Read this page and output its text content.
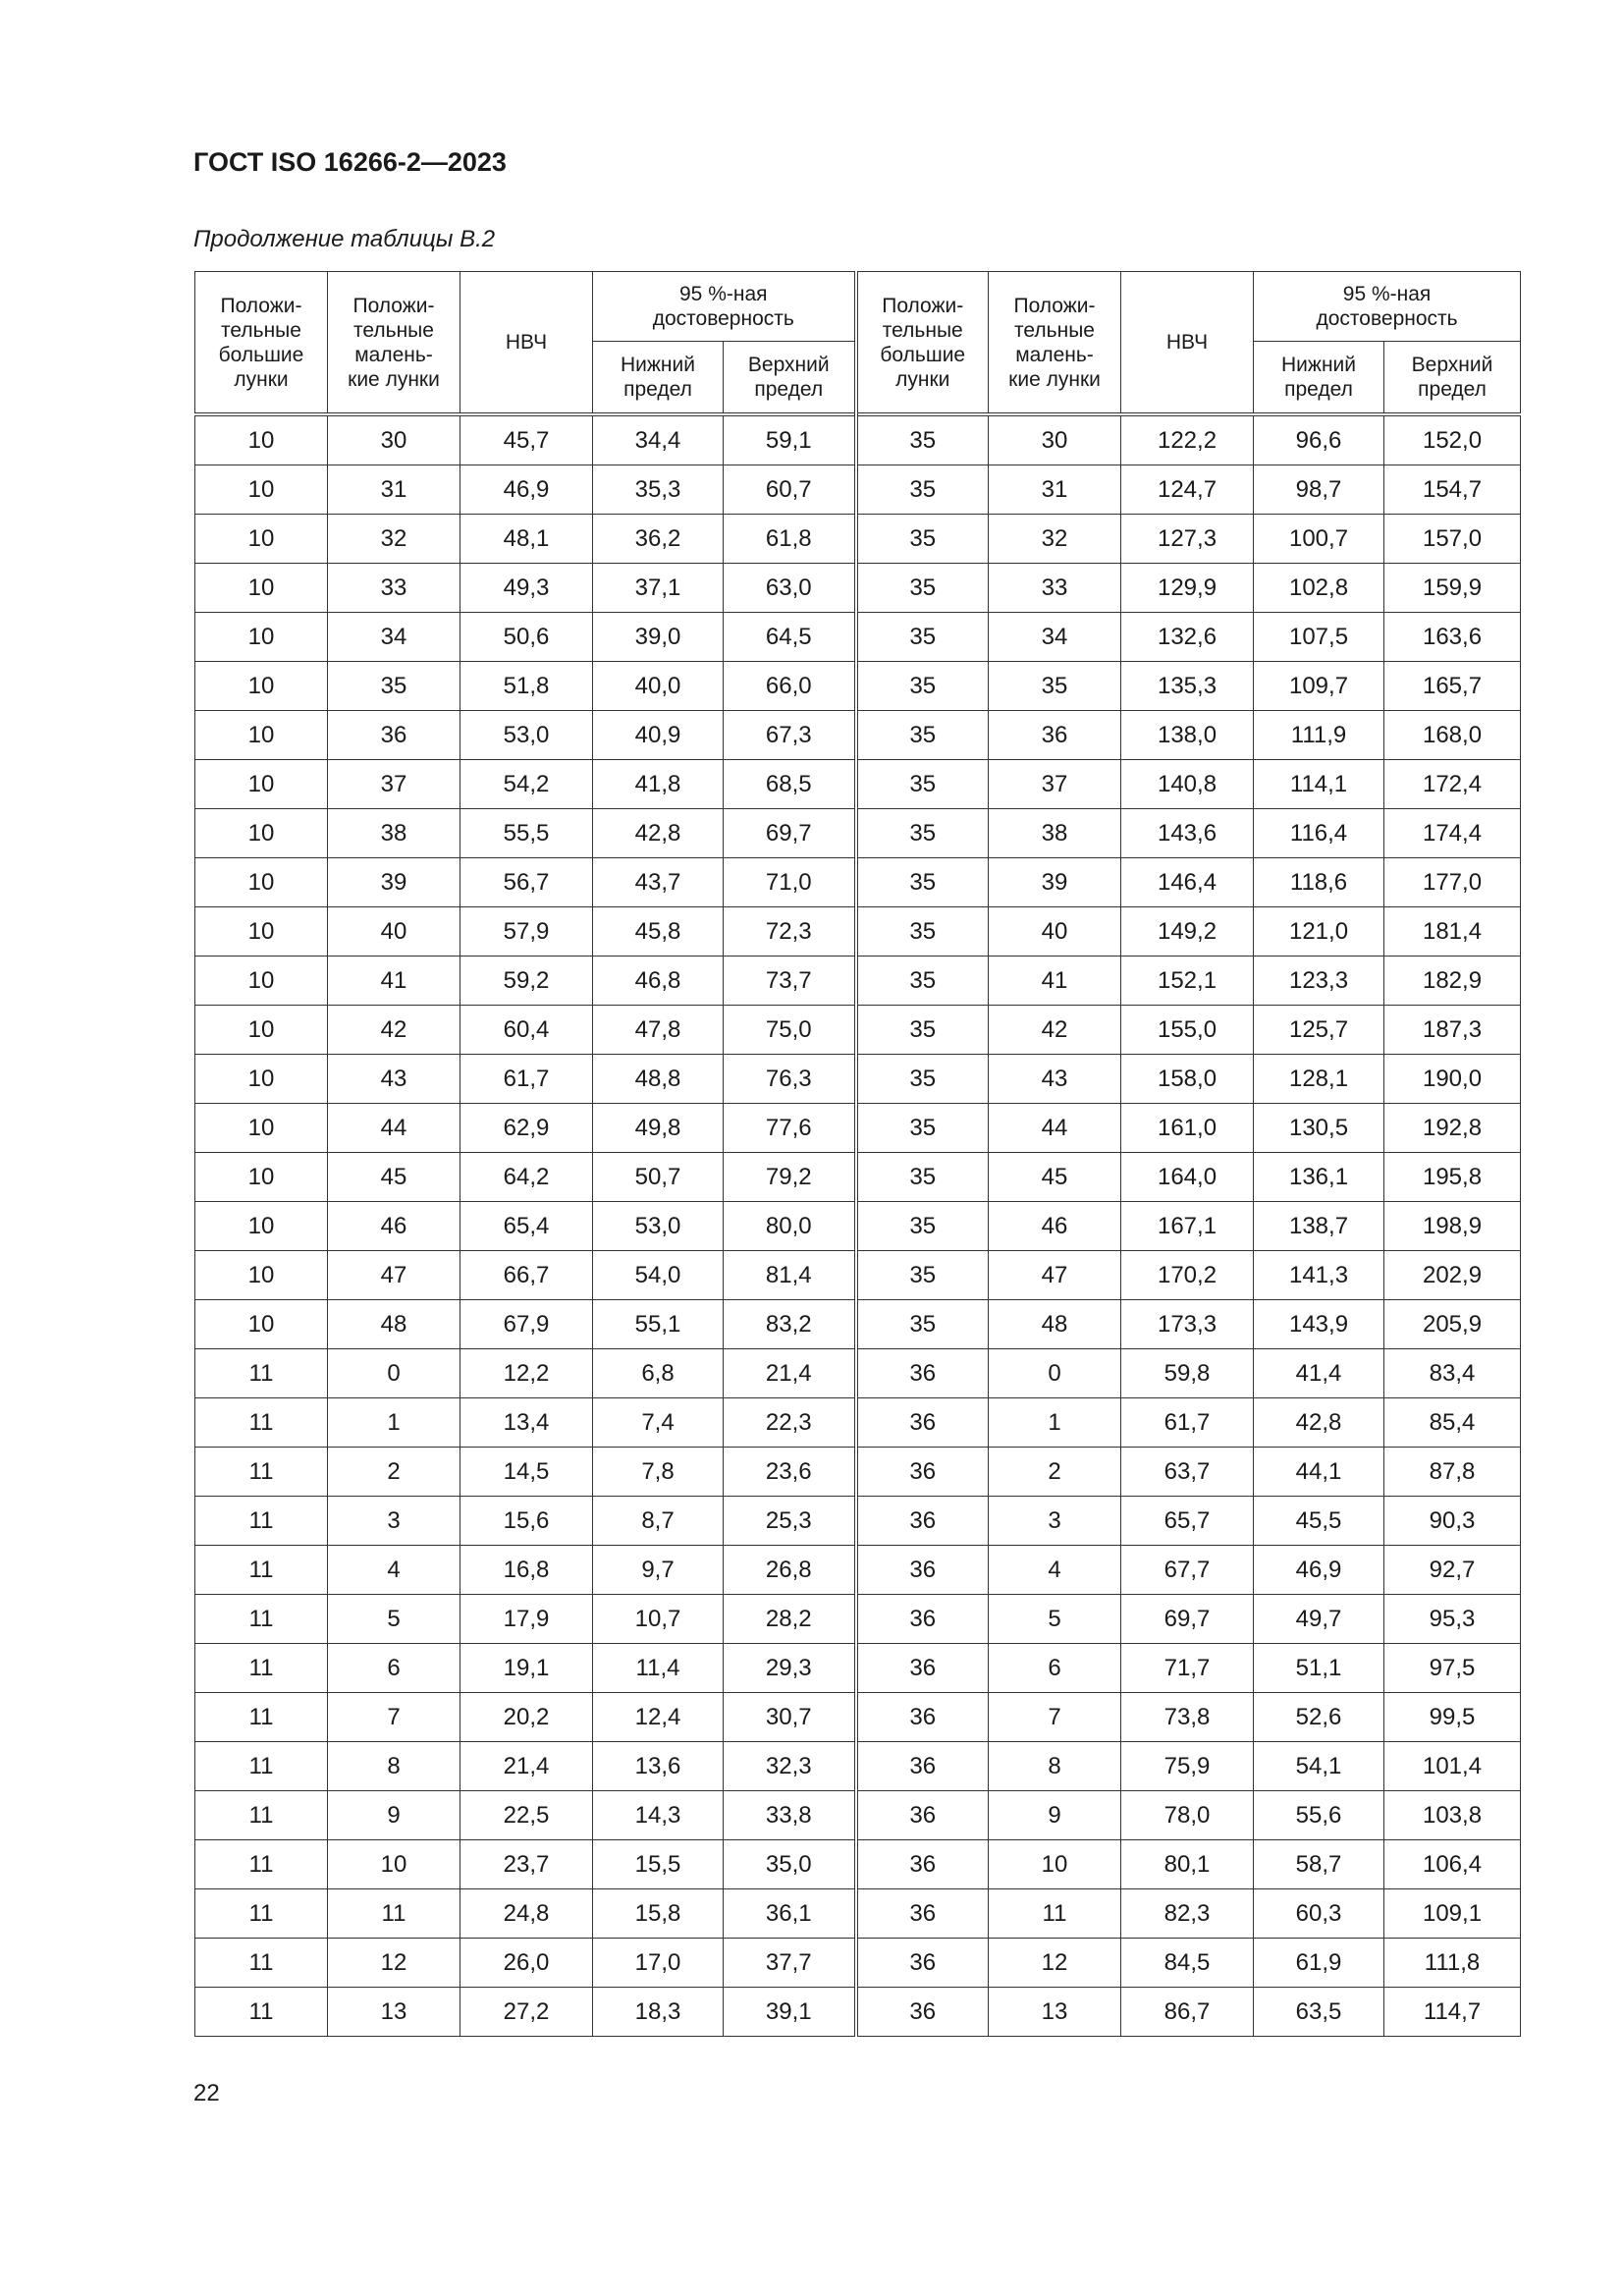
ГОСТ ISO 16266-2—2023
Продолжение таблицы В.2
Положи-
тельные
большие
лунки	Положи-
тельные
малень-
кие лунки	НВЧ	95 %-ная
достоверность		Положи-
тельные
большие
лунки	Положи-
тельные
малень-
кие лунки	НВЧ	95 %-ная
достоверность	
			Нижний
предел	Верхний
предел				Нижний
предел	Верхний
предел
10	30	45,7	34,4	59,1	35	30	122,2	96,6	152,0
10	31	46,9	35,3	60,7	35	31	124,7	98,7	154,7
10	32	48,1	36,2	61,8	35	32	127,3	100,7	157,0
10	33	49,3	37,1	63,0	35	33	129,9	102,8	159,9
10	34	50,6	39,0	64,5	35	34	132,6	107,5	163,6
10	35	51,8	40,0	66,0	35	35	135,3	109,7	165,7
10	36	53,0	40,9	67,3	35	36	138,0	111,9	168,0
10	37	54,2	41,8	68,5	35	37	140,8	114,1	172,4
10	38	55,5	42,8	69,7	35	38	143,6	116,4	174,4
10	39	56,7	43,7	71,0	35	39	146,4	118,6	177,0
10	40	57,9	45,8	72,3	35	40	149,2	121,0	181,4
10	41	59,2	46,8	73,7	35	41	152,1	123,3	182,9
10	42	60,4	47,8	75,0	35	42	155,0	125,7	187,3
10	43	61,7	48,8	76,3	35	43	158,0	128,1	190,0
10	44	62,9	49,8	77,6	35	44	161,0	130,5	192,8
10	45	64,2	50,7	79,2	35	45	164,0	136,1	195,8
10	46	65,4	53,0	80,0	35	46	167,1	138,7	198,9
10	47	66,7	54,0	81,4	35	47	170,2	141,3	202,9
10	48	67,9	55,1	83,2	35	48	173,3	143,9	205,9
11	0	12,2	6,8	21,4	36	0	59,8	41,4	83,4
11	1	13,4	7,4	22,3	36	1	61,7	42,8	85,4
11	2	14,5	7,8	23,6	36	2	63,7	44,1	87,8
11	3	15,6	8,7	25,3	36	3	65,7	45,5	90,3
11	4	16,8	9,7	26,8	36	4	67,7	46,9	92,7
11	5	17,9	10,7	28,2	36	5	69,7	49,7	95,3
11	6	19,1	11,4	29,3	36	6	71,7	51,1	97,5
11	7	20,2	12,4	30,7	36	7	73,8	52,6	99,5
11	8	21,4	13,6	32,3	36	8	75,9	54,1	101,4
11	9	22,5	14,3	33,8	36	9	78,0	55,6	103,8
11	10	23,7	15,5	35,0	36	10	80,1	58,7	106,4
11	11	24,8	15,8	36,1	36	11	82,3	60,3	109,1
11	12	26,0	17,0	37,7	36	12	84,5	61,9	111,8
11	13	27,2	18,3	39,1	36	13	86,7	63,5	114,7
22
